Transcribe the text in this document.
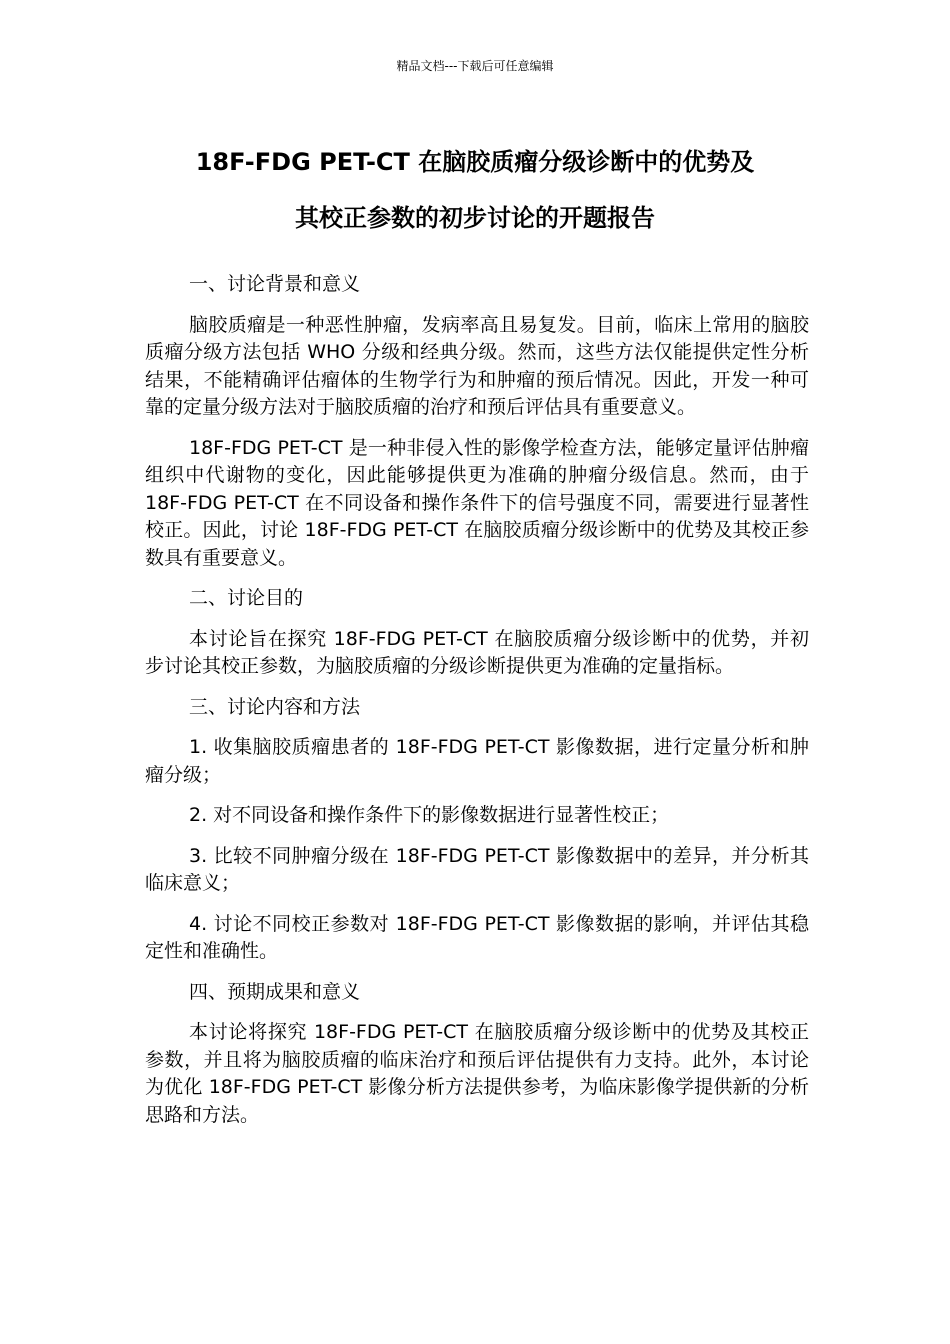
精品文档---下载后可任意编辑
18F-FDG PET-CT 在脑胶质瘤分级诊断中的优势及
其校正参数的初步讨论的开题报告

一、讨论背景和意义

脑胶质瘤是一种恶性肿瘤，发病率高且易复发。目前，临床上常用的脑胶质瘤分级方法包括 WHO 分级和经典分级。然而，这些方法仅能提供定性分析结果，不能精确评估瘤体的生物学行为和肿瘤的预后情况。因此，开发一种可靠的定量分级方法对于脑胶质瘤的治疗和预后评估具有重要意义。

18F-FDG PET-CT 是一种非侵入性的影像学检查方法，能够定量评估肿瘤组织中代谢物的变化，因此能够提供更为准确的肿瘤分级信息。然而，由于 18F-FDG PET-CT 在不同设备和操作条件下的信号强度不同，需要进行显著性校正。因此，讨论 18F-FDG PET-CT 在脑胶质瘤分级诊断中的优势及其校正参数具有重要意义。

二、讨论目的

本讨论旨在探究 18F-FDG PET-CT 在脑胶质瘤分级诊断中的优势，并初步讨论其校正参数，为脑胶质瘤的分级诊断提供更为准确的定量指标。

三、讨论内容和方法

1. 收集脑胶质瘤患者的 18F-FDG PET-CT 影像数据，进行定量分析和肿瘤分级；

2. 对不同设备和操作条件下的影像数据进行显著性校正；

3. 比较不同肿瘤分级在 18F-FDG PET-CT 影像数据中的差异，并分析其临床意义；

4. 讨论不同校正参数对 18F-FDG PET-CT 影像数据的影响，并评估其稳定性和准确性。

四、预期成果和意义

本讨论将探究 18F-FDG PET-CT 在脑胶质瘤分级诊断中的优势及其校正参数，并且将为脑胶质瘤的临床治疗和预后评估提供有力支持。此外，本讨论为优化 18F-FDG PET-CT 影像分析方法提供参考，为临床影像学提供新的分析思路和方法。
